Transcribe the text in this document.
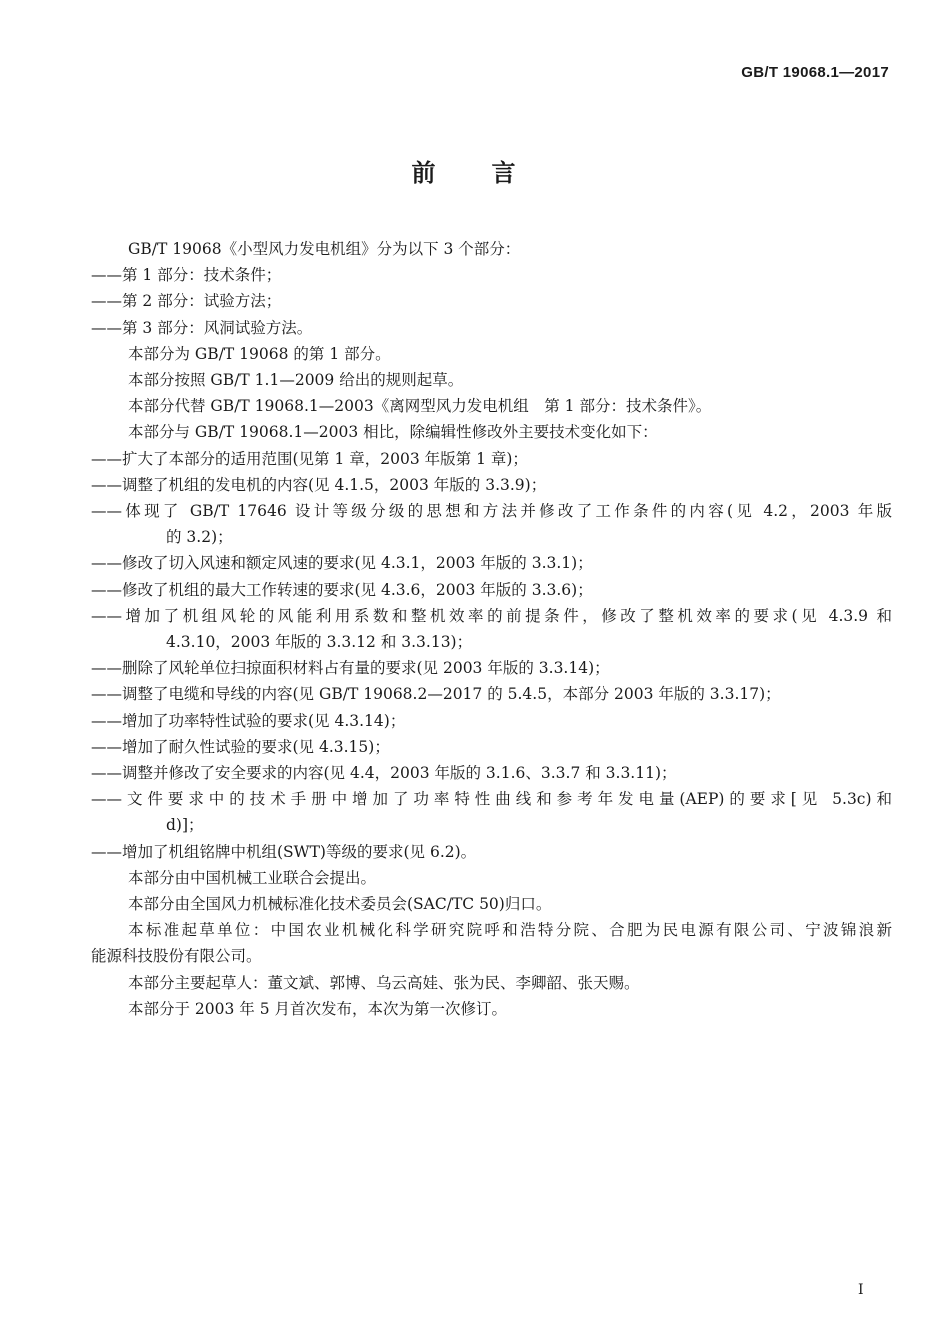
GB/T 19068.1—2017
前言
GB/T 19068《小型风力发电机组》分为以下 3 个部分：
——第 1 部分：技术条件；
——第 2 部分：试验方法；
——第 3 部分：风洞试验方法。
本部分为 GB/T 19068 的第 1 部分。
本部分按照 GB/T 1.1—2009 给出的规则起草。
本部分代替 GB/T 19068.1—2003《离网型风力发电机组　第 1 部分：技术条件》。
本部分与 GB/T 19068.1—2003 相比，除编辑性修改外主要技术变化如下：
——扩大了本部分的适用范围(见第 1 章，2003 年版第 1 章)；
——调整了机组的发电机的内容(见 4.1.5，2003 年版的 3.3.9)；
——体现了 GB/T 17646 设计等级分级的思想和方法并修改了工作条件的内容(见 4.2，2003 年版
的 3.2)；
——修改了切入风速和额定风速的要求(见 4.3.1，2003 年版的 3.3.1)；
——修改了机组的最大工作转速的要求(见 4.3.6，2003 年版的 3.3.6)；
——增加了机组风轮的风能利用系数和整机效率的前提条件，修改了整机效率的要求(见 4.3.9 和
4.3.10，2003 年版的 3.3.12 和 3.3.13)；
——删除了风轮单位扫掠面积材料占有量的要求(见 2003 年版的 3.3.14)；
——调整了电缆和导线的内容(见 GB/T 19068.2—2017 的 5.4.5，本部分 2003 年版的 3.3.17)；
——增加了功率特性试验的要求(见 4.3.14)；
——增加了耐久性试验的要求(见 4.3.15)；
——调整并修改了安全要求的内容(见 4.4，2003 年版的 3.1.6、3.3.7 和 3.3.11)；
——文件要求中的技术手册中增加了功率特性曲线和参考年发电量(AEP)的要求[见 5.3c)和
d)]；
——增加了机组铭牌中机组(SWT)等级的要求(见 6.2)。
本部分由中国机械工业联合会提出。
本部分由全国风力机械标准化技术委员会(SAC/TC 50)归口。
本标准起草单位：中国农业机械化科学研究院呼和浩特分院、合肥为民电源有限公司、宁波锦浪新
能源科技股份有限公司。
本部分主要起草人：董文斌、郭博、乌云高娃、张为民、李卿韶、张天赐。
本部分于 2003 年 5 月首次发布，本次为第一次修订。
I
